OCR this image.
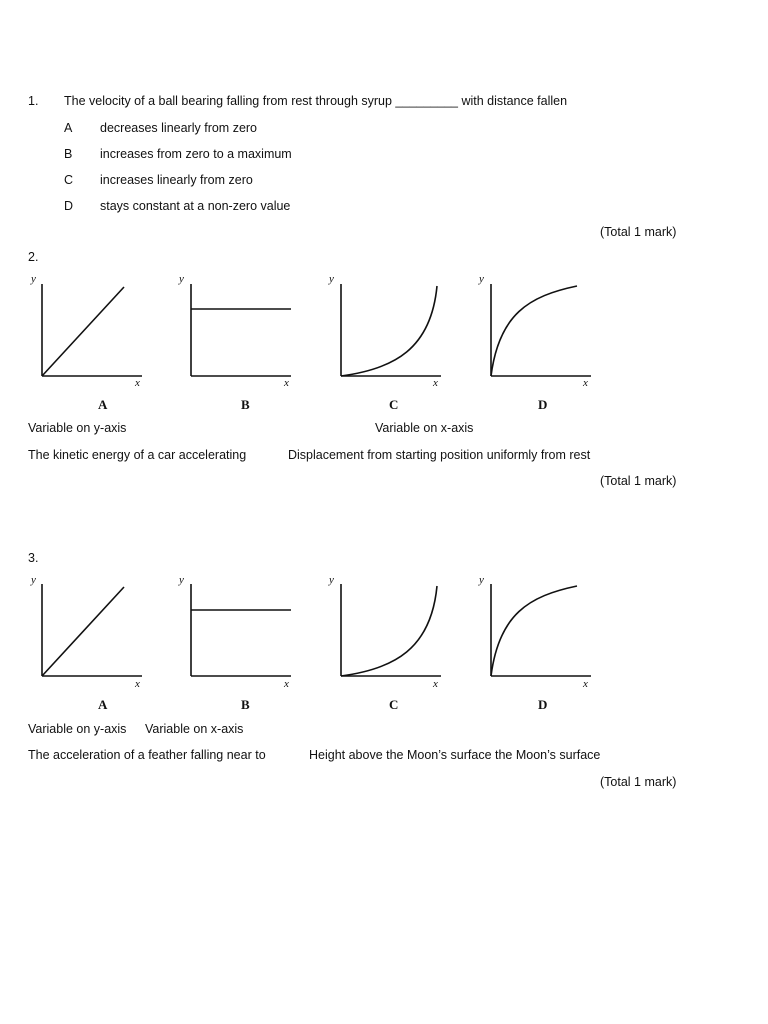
1. The velocity of a ball bearing falling from rest through syrup _________ with distance fallen
A decreases linearly from zero
B increases from zero to a maximum
C increases linearly from zero
D stays constant at a non-zero value
(Total 1 mark)
2.
y
x
A
y
x
B
y
x
C
y
x
D
Variable on y-axis	Variable on x-axis
The kinetic energy of a car accelerating	Displacement from starting position uniformly from rest
(Total 1 mark)
3.
y
x
A
y
x
B
y
x
C
y
x
D
Variable on y-axis Variable on x-axis
The acceleration of a feather falling near to	Height above the Moon’s surface the Moon’s surface
(Total 1 mark)
